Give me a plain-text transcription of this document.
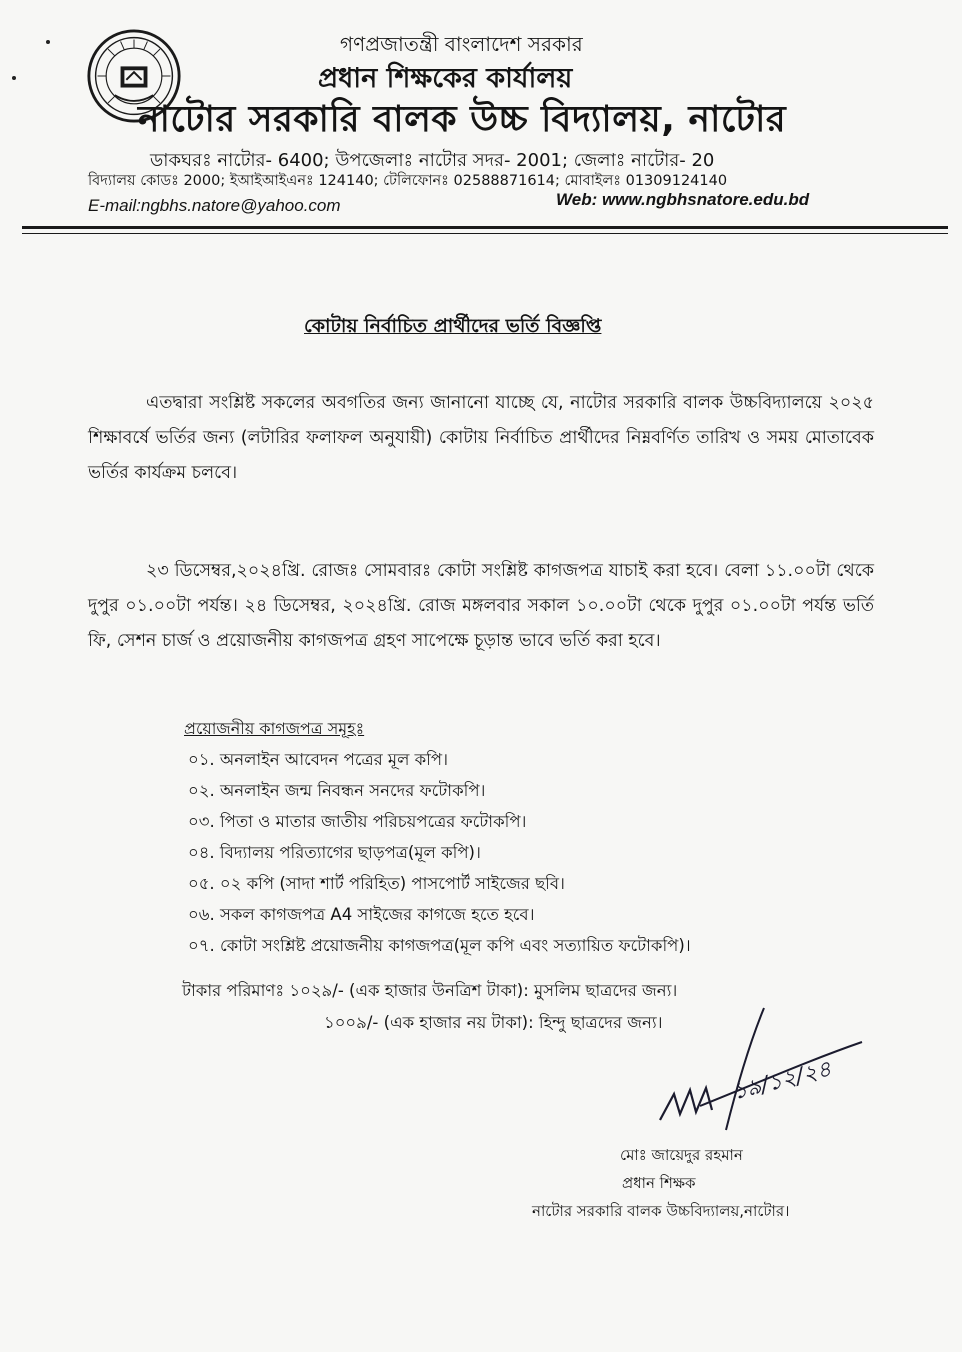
গণপ্রজাতন্ত্রী বাংলাদেশ সরকার
প্রধান শিক্ষকের কার্যালয়
নাটোর সরকারি বালক উচ্চ বিদ্যালয়, নাটোর
ডাকঘরঃ নাটোর- 6400; উপজেলাঃ নাটোর সদর- 2001; জেলাঃ নাটোর- 20
বিদ্যালয় কোডঃ 2000; ইআইআইএনঃ 124140; টেলিফোনঃ 02588871614; মোবাইলঃ 01309124140
E-mail:ngbhs.natore@yahoo.com	Web: www.ngbhsnatore.edu.bd
কোটায় নির্বাচিত প্রার্থীদের ভর্তি বিজ্ঞপ্তি

এতদ্বারা সংশ্লিষ্ট সকলের অবগতির জন্য জানানো যাচ্ছে যে, নাটোর সরকারি বালক উচ্চবিদ্যালয়ে ২০২৫ শিক্ষাবর্ষে ভর্তির জন্য (লটারির ফলাফল অনুযায়ী) কোটায় নির্বাচিত প্রার্থীদের নিম্নবর্ণিত তারিখ ও সময় মোতাবেক ভর্তির কার্যক্রম চলবে।

২৩ ডিসেম্বর,২০২৪খ্রি. রোজঃ সোমবারঃ কোটা সংশ্লিষ্ট কাগজপত্র যাচাই করা হবে। বেলা ১১.০০টা থেকে দুপুর ০১.০০টা পর্যন্ত। ২৪ ডিসেম্বর, ২০২৪খ্রি. রোজ মঙ্গলবার সকাল ১০.০০টা থেকে দুপুর ০১.০০টা পর্যন্ত ভর্তি ফি, সেশন চার্জ ও প্রয়োজনীয় কাগজপত্র গ্রহণ সাপেক্ষে চূড়ান্ত ভাবে ভর্তি করা হবে।

প্রয়োজনীয় কাগজপত্র সমূহঃ
০১. অনলাইন আবেদন পত্রের মূল কপি।
০২. অনলাইন জন্ম নিবন্ধন সনদের ফটোকপি।
০৩. পিতা ও মাতার জাতীয় পরিচয়পত্রের ফটোকপি।
০৪. বিদ্যালয় পরিত্যাগের ছাড়পত্র(মূল কপি)।
০৫. ০২ কপি (সাদা শার্ট পরিহিত) পাসপোর্ট সাইজের ছবি।
০৬. সকল কাগজপত্র A4 সাইজের কাগজে হতে হবে।
০৭. কোটা সংশ্লিষ্ট প্রয়োজনীয় কাগজপত্র(মূল কপি এবং সত্যায়িত ফটোকপি)।
টাকার পরিমাণঃ ১০২৯/- (এক হাজার উনত্রিশ টাকা): মুসলিম ছাত্রদের জন্য।
১০০৯/- (এক হাজার নয় টাকা): হিন্দু ছাত্রদের জন্য।
১৯/১২/২৪
মোঃ জায়েদুর রহমান
প্রধান শিক্ষক
নাটোর সরকারি বালক উচ্চবিদ্যালয়,নাটোর।
